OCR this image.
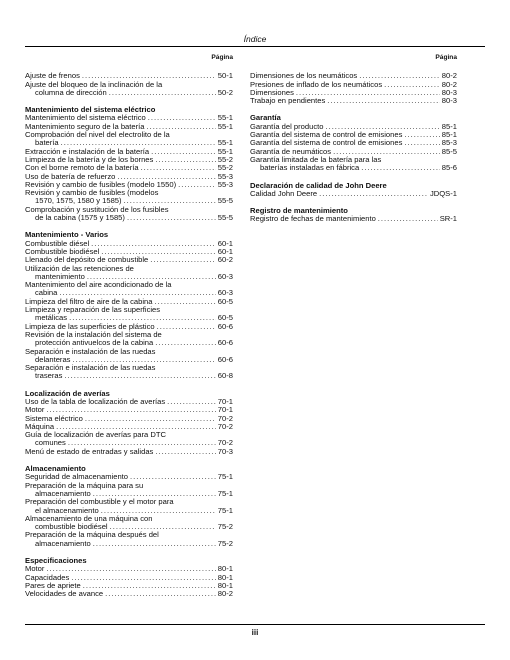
Índice
Página
Ajuste de frenos .....	50-1
Ajuste del bloqueo de la inclinación de la
columna de dirección .....	50-2
Mantenimiento del sistema eléctrico
Mantenimiento del sistema eléctrico .....	55-1
Mantenimiento seguro de la batería .....	55-1
Comprobación del nivel del electrolito de la
batería .....	55-1
Extracción e instalación de la batería .....	55-1
Limpieza de la batería y de los bornes .....	55-2
Con el borne remoto de la batería .....	55-2
Uso de batería de refuerzo .....	55-3
Revisión y cambio de fusibles (modelo 1550) .....	55-3
Revisión y cambio de fusibles (modelos
1570, 1575, 1580 y 1585) .....	55-5
Comprobación y sustitución de los fusibles
de la cabina (1575 y 1585) .....	55-5
Mantenimiento - Varios
Combustible diésel .....	60-1
Combustible biodiésel .....	60-1
Llenado del depósito de combustible .....	60-2
Utilización de las retenciones de
mantenimiento .....	60-3
Mantenimiento del aire acondicionado de la
cabina .....	60-3
Limpieza del filtro de aire de la cabina .....	60-5
Limpieza y reparación de las superficies
metálicas .....	60-5
Limpieza de las superficies de plástico .....	60-6
Revisión de la instalación del sistema de
protección antivuelcos de la cabina .....	60-6
Separación e instalación de las ruedas
delanteras .....	60-6
Separación e instalación de las ruedas
traseras .....	60-8
Localización de averías
Uso de la tabla de localización de averías .....	70-1
Motor .....	70-1
Sistema eléctrico .....	70-2
Máquina .....	70-2
Guía de localización de averías para DTC
comunes .....	70-2
Menú de estado de entradas y salidas .....	70-3
Almacenamiento
Seguridad de almacenamiento .....	75-1
Preparación de la máquina para su
almacenamiento .....	75-1
Preparación del combustible y el motor para
el almacenamiento .....	75-1
Almacenamiento de una máquina con
combustible biodiésel .....	75-2
Preparación de la máquina después del
almacenamiento .....	75-2
Especificaciones
Motor .....	80-1
Capacidades .....	80-1
Pares de apriete .....	80-1
Velocidades de avance .....	80-2
Página
Dimensiones de los neumáticos .....	80-2
Presiones de inflado de los neumáticos .....	80-2
Dimensiones .....	80-3
Trabajo en pendientes .....	80-3
Garantía
Garantía del producto .....	85-1
Garantía del sistema de control de emisiones .....	85-1
Garantía del sistema de control de emisiones .....	85-3
Garantía de neumáticos .....	85-5
Garantía limitada de la batería para las
baterías instaladas en fábrica .....	85-6
Declaración de calidad de John Deere
Calidad John Deere .....	JDQS-1
Registro de mantenimiento
Registro de fechas de mantenimiento .....	SR-1
iii
